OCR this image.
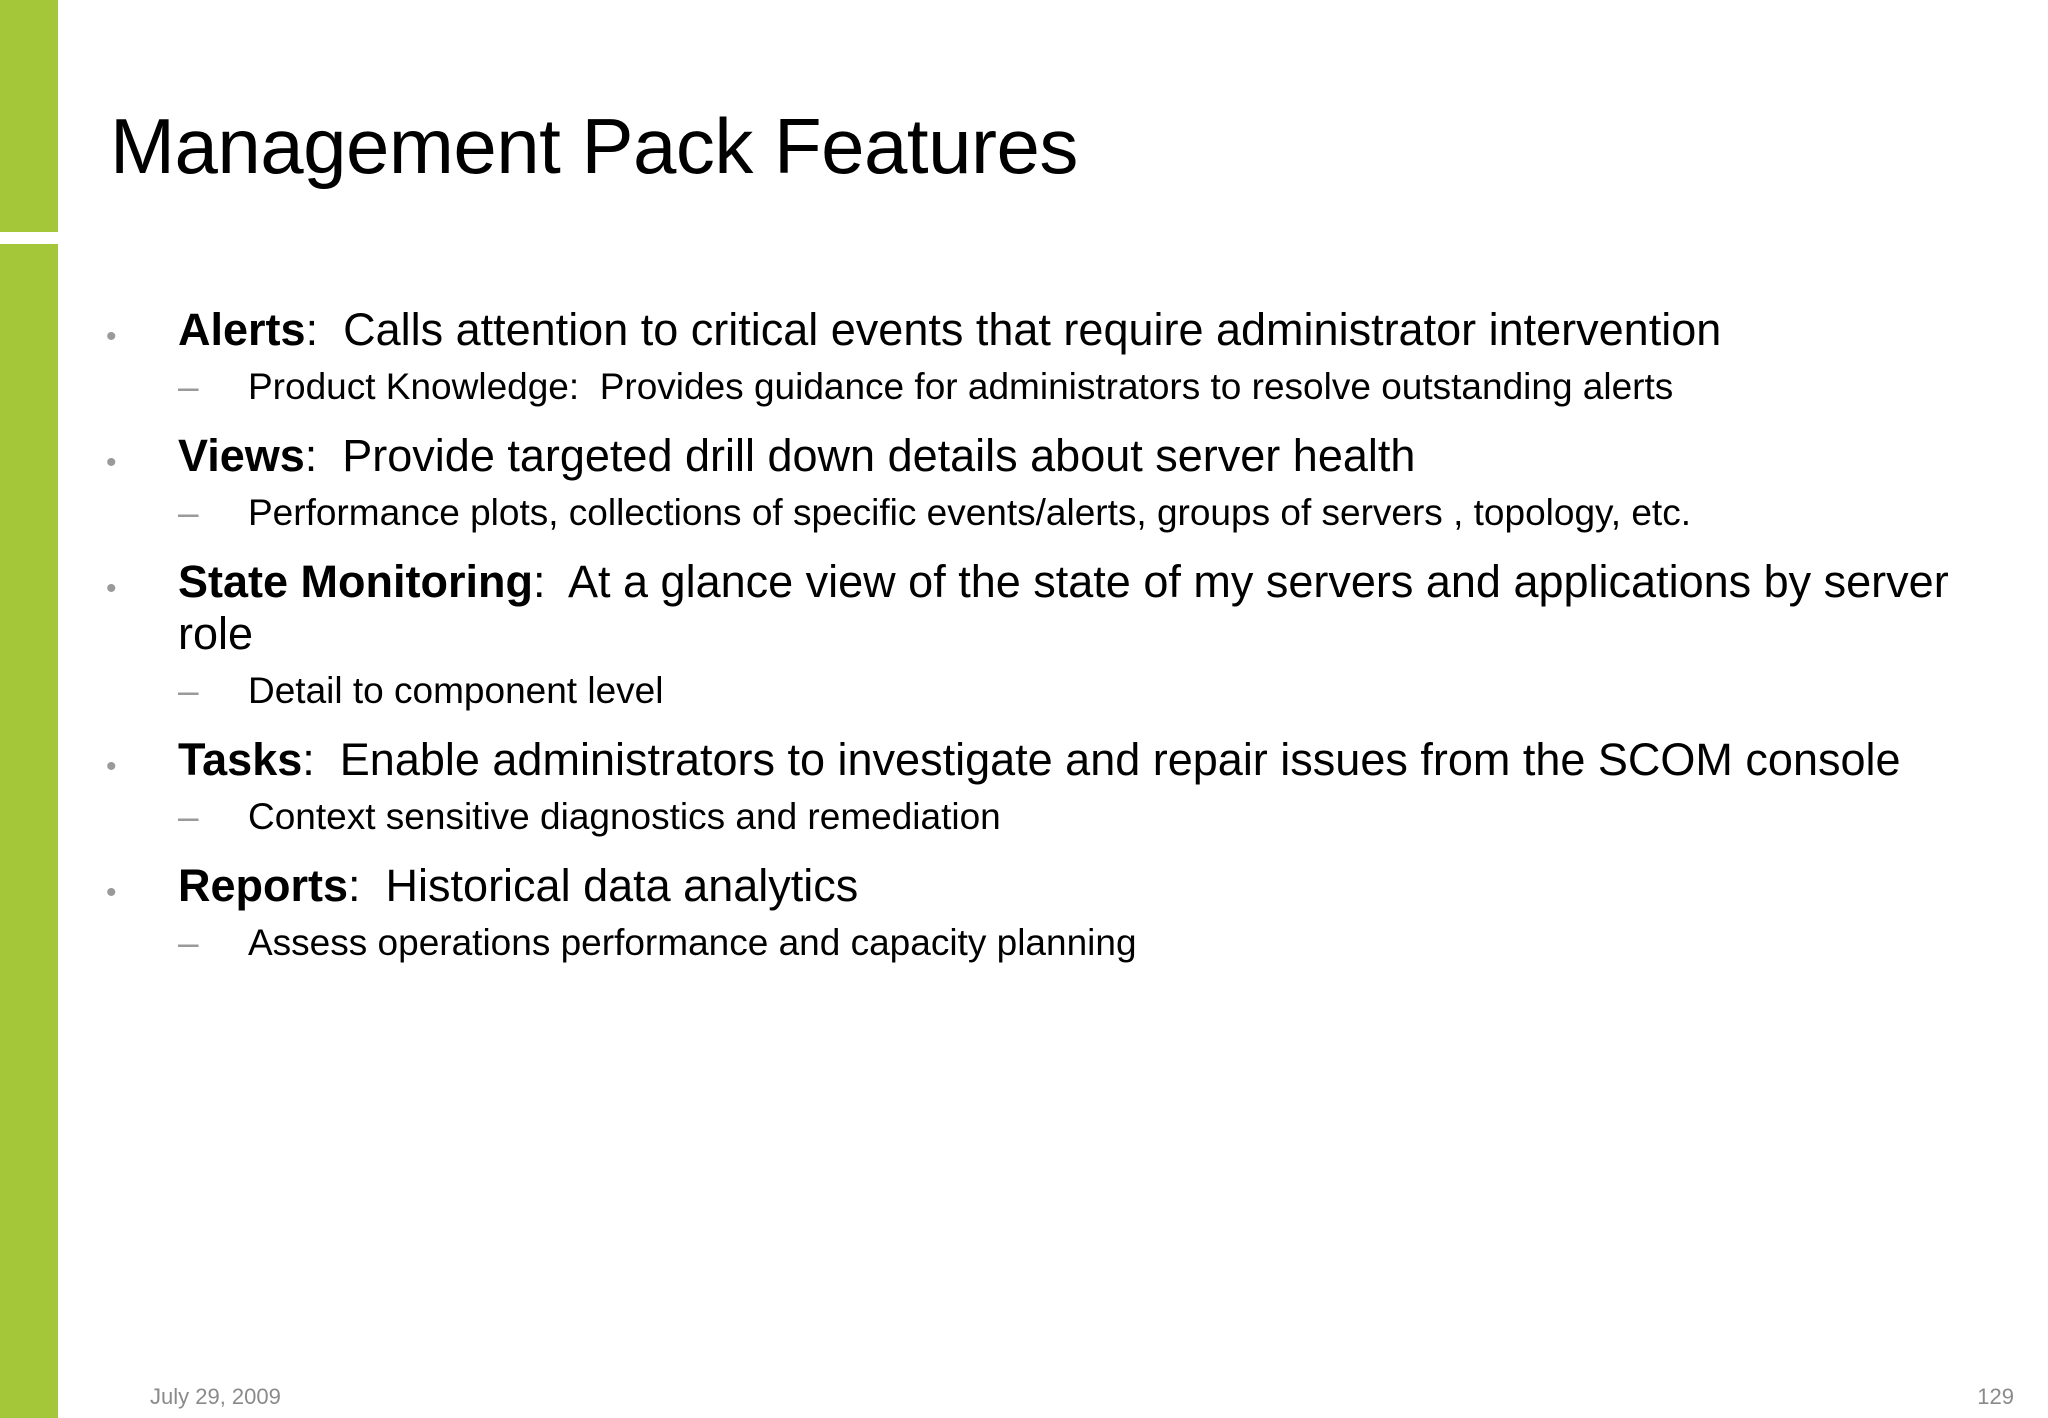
Management Pack Features
• Alerts:  Calls attention to critical events that require administrator intervention
– Product Knowledge:  Provides guidance for administrators to resolve outstanding alerts
• Views:  Provide targeted drill down details about server health
– Performance plots, collections of specific events/alerts, groups of servers , topology, etc.
• State Monitoring:  At a glance view of the state of my servers and applications by server role
– Detail to component level
• Tasks:  Enable administrators to investigate and repair issues from the SCOM console
– Context sensitive diagnostics and remediation
• Reports:  Historical data analytics
– Assess operations performance and capacity planning
July 29, 2009	129
